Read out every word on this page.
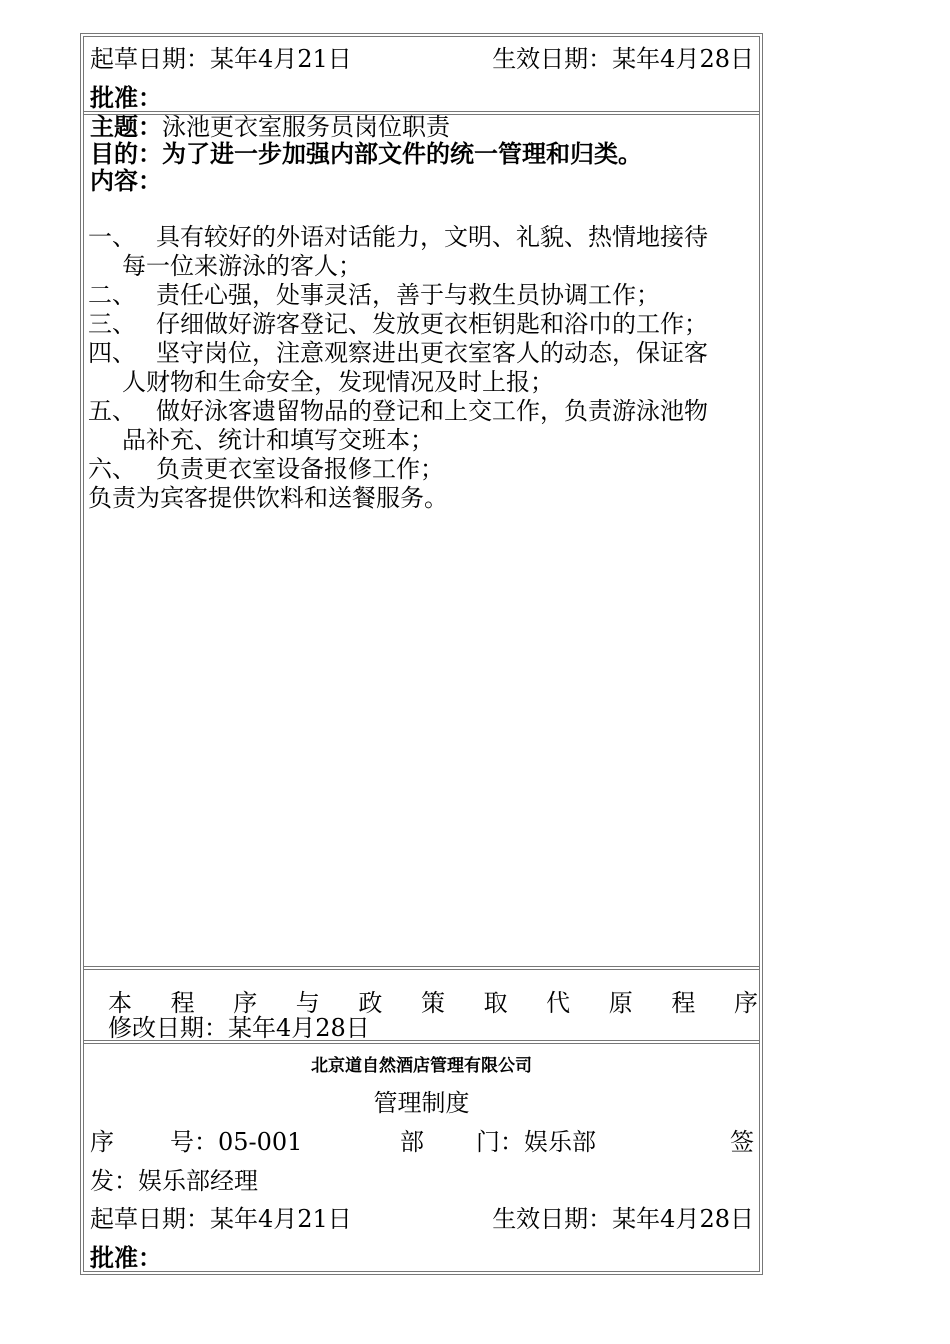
起草日期：某年4月21日	生效日期：某年4月28日
批准：
主题：泳池更衣室服务员岗位职责
目的：为了进一步加强内部文件的统一管理和归类。
内容：
一、 具有较好的外语对话能力，文明、礼貌、热情地接待
每一位来游泳的客人；
二、 责任心强，处事灵活，善于与救生员协调工作；
三、 仔细做好游客登记、发放更衣柜钥匙和浴巾的工作；
四、 坚守岗位，注意观察进出更衣室客人的动态，保证客
人财物和生命安全，发现情况及时上报；
五、 做好泳客遗留物品的登记和上交工作，负责游泳池物
品补充、统计和填写交班本；
六、 负责更衣室设备报修工作；
负责为宾客提供饮料和送餐服务。
本 程 序 与 政 策 取 代 原 程 序
修改日期：某年4月28日
北京道自然酒店管理有限公司
管理制度
序 号：05-001	部 门：娱乐部	签
发：娱乐部经理
起草日期：某年4月21日	生效日期：某年4月28日
批准：
